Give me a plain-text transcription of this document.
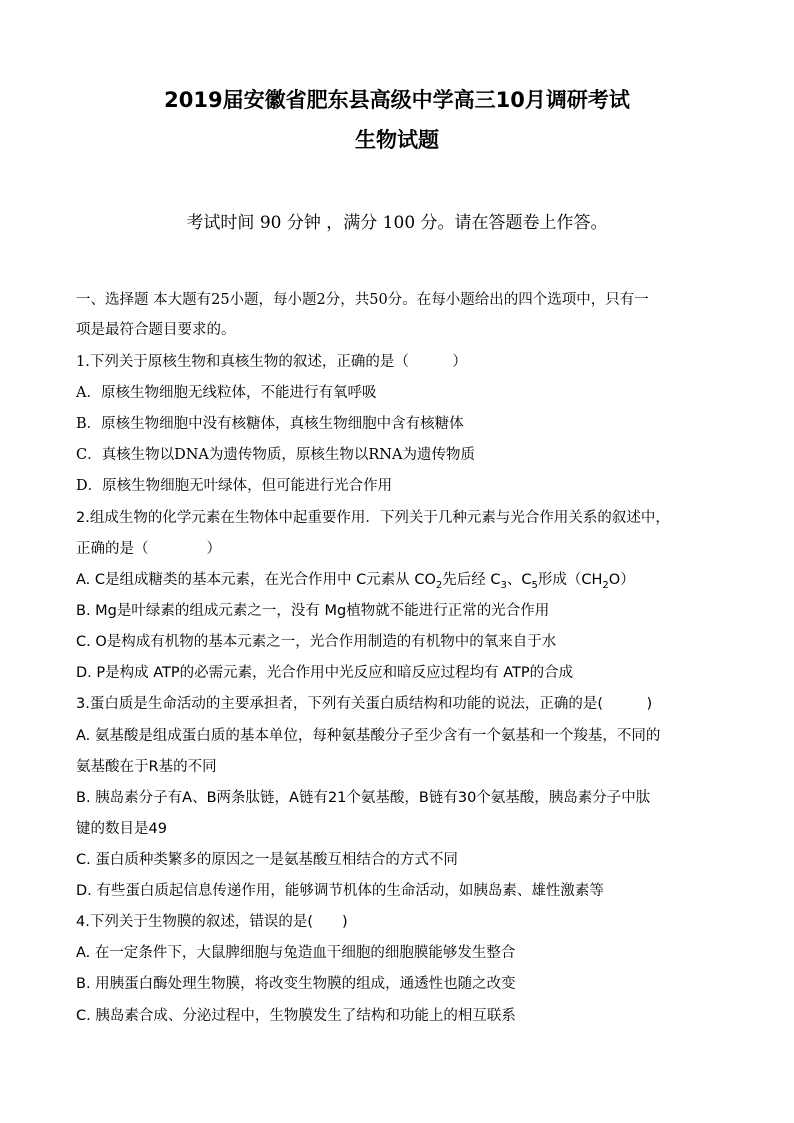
2019届安徽省肥东县高级中学高三10月调研考试
生物试题
考试时间 90 分钟 ，满分 100 分。请在答题卷上作答。
一、选择题 本大题有25小题，每小题2分，共50分。在每小题给出的四个选项中，只有一
项是最符合题目要求的。
1.下列关于原核生物和真核生物的叙述，正确的是（　　　）
A．原核生物细胞无线粒体，不能进行有氧呼吸
B．原核生物细胞中没有核糖体，真核生物细胞中含有核糖体
C．真核生物以DNA为遗传物质，原核生物以RNA为遗传物质
D．原核生物细胞无叶绿体，但可能进行光合作用
2.组成生物的化学元素在生物体中起重要作用．下列关于几种元素与光合作用关系的叙述中，
正确的是（　　　　）
A. C是组成糖类的基本元素，在光合作用中 C元素从 $CO_2$先后经 $C_3$、$C_5$形成$(CH_2O)$
B. Mg是叶绿素的组成元素之一，没有 Mg植物就不能进行正常的光合作用
C. O是构成有机物的基本元素之一，光合作用制造的有机物中的氧来自于水
D. P是构成 ATP的必需元素，光合作用中光反应和暗反应过程均有 ATP的合成
3.蛋白质是生命活动的主要承担者，下列有关蛋白质结构和功能的说法，正确的是(　　　)
A. 氨基酸是组成蛋白质的基本单位，每种氨基酸分子至少含有一个氨基和一个羧基，不同的
氨基酸在于R基的不同
B. 胰岛素分子有A、B两条肽链，A链有21个氨基酸，B链有30个氨基酸，胰岛素分子中肽
键的数目是49
C. 蛋白质种类繁多的原因之一是氨基酸互相结合的方式不同
D. 有些蛋白质起信息传递作用，能够调节机体的生命活动，如胰岛素、雄性激素等
4.下列关于生物膜的叙述，错误的是(　　)
A. 在一定条件下，大鼠脾细胞与兔造血干细胞的细胞膜能够发生整合
B. 用胰蛋白酶处理生物膜，将改变生物膜的组成，通透性也随之改变
C. 胰岛素合成、分泌过程中，生物膜发生了结构和功能上的相互联系
